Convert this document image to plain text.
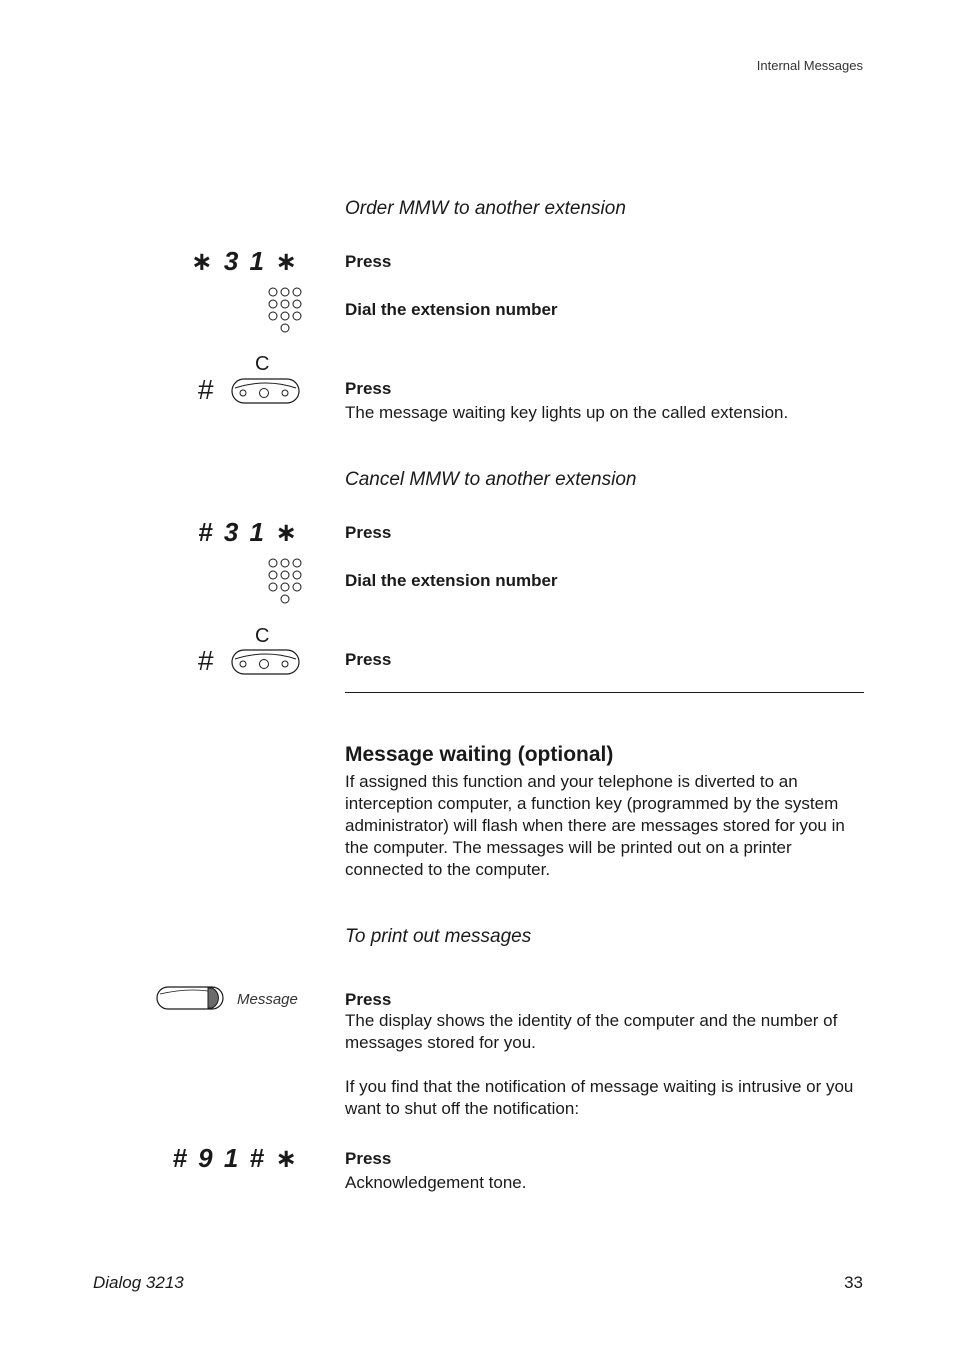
Internal Messages
Order MMW to another extension
∗ 3 1 ∗	Press
Dial the extension number
C
#	Press
The message waiting key lights up on the called extension.
Cancel MMW to another extension
# 3 1 ∗	Press
Dial the extension number
C
#	Press
Message waiting (optional)
If assigned this function and your telephone is diverted to an interception computer, a function key (programmed by the system administrator) will flash when there are messages stored for you in the computer. The messages will be printed out on a printer connected to the computer.
To print out messages
Message	Press
The display shows the identity of the computer and the number of messages stored for you.
If you find that the notification of message waiting is intrusive or you want to shut off the notification:
# 9 1 # ∗	Press
Acknowledgement tone.
Dialog 3213	33
